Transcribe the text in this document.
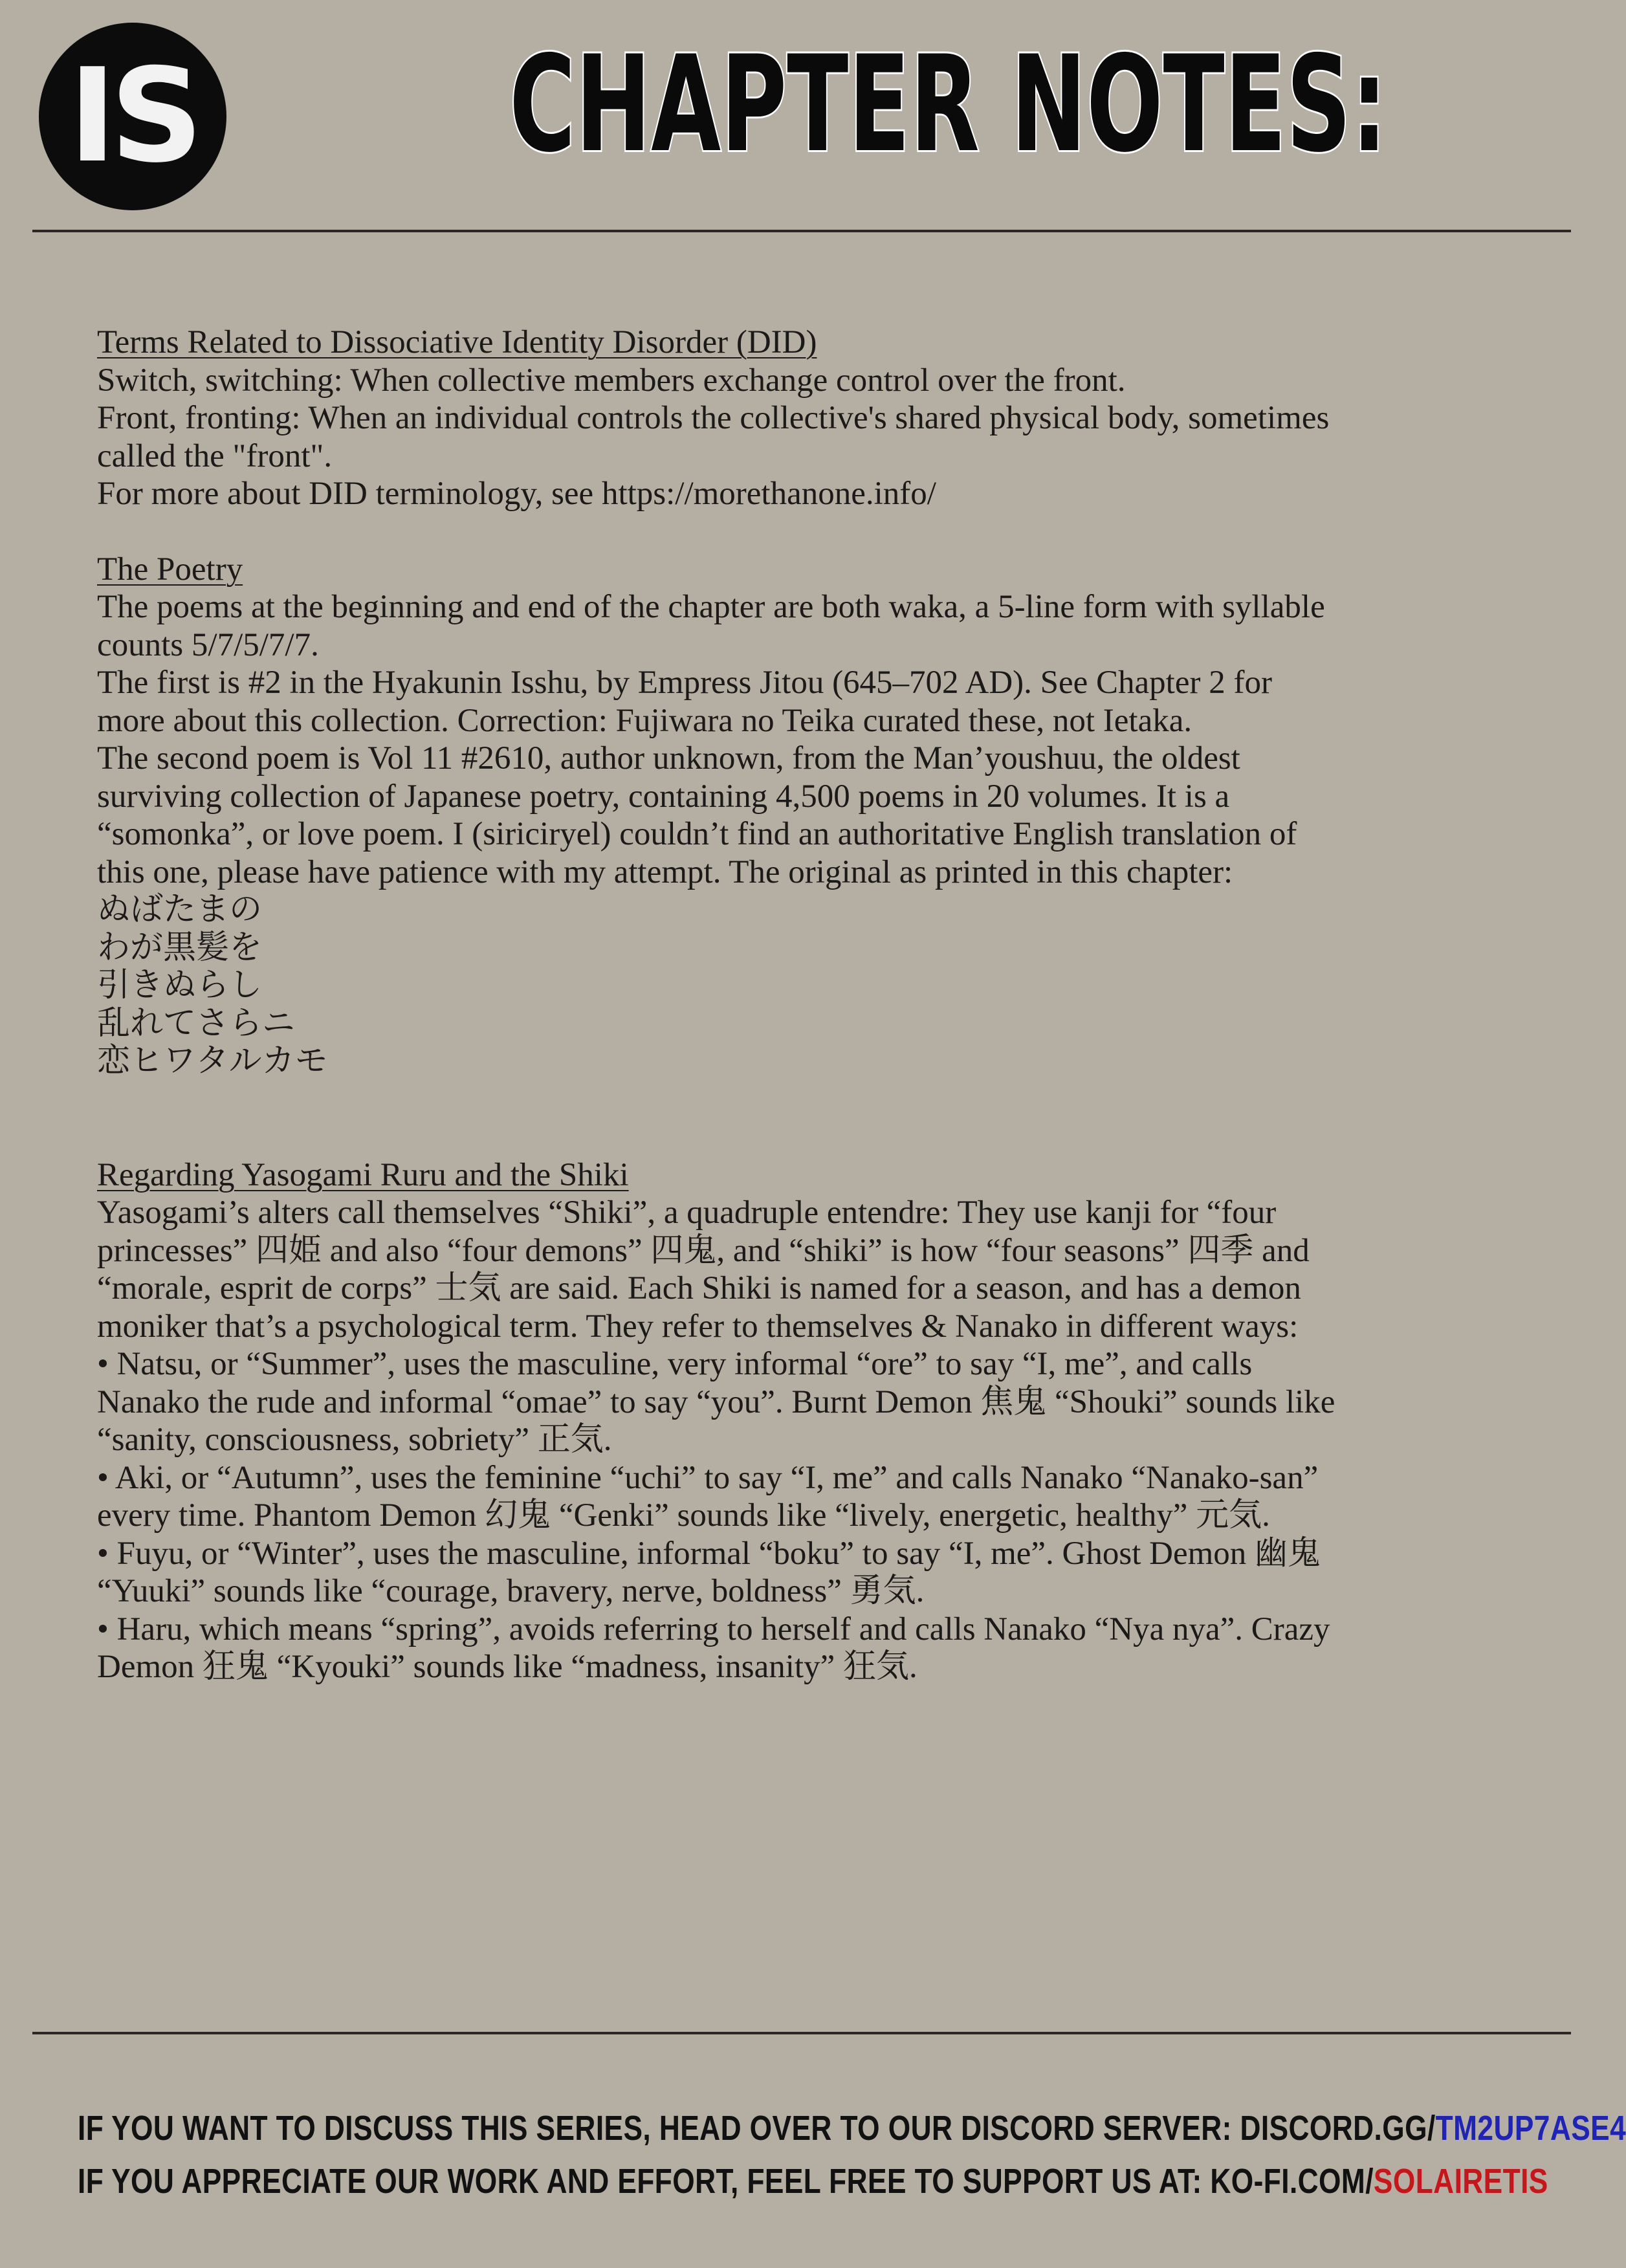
IS CHAPTER NOTES:
Terms Related to Dissociative Identity Disorder (DID)

Switch, switching: When collective members exchange control over the front.

Front, fronting: When an individual controls the collective's shared physical body, sometimes called the "front".

For more about DID terminology, see https://morethanone.info/

The Poetry

The poems at the beginning and end of the chapter are both waka, a 5-line form with syllable counts 5/7/5/7/7.

The first is #2 in the Hyakunin Isshu, by Empress Jitou (645–702 AD). See Chapter 2 for more about this collection. Correction: Fujiwara no Teika curated these, not Ietaka.

The second poem is Vol 11 #2610, author unknown, from the Man’youshuu, the oldest surviving collection of Japanese poetry, containing 4,500 poems in 20 volumes. It is a “somonka”, or love poem. I (siriciryel) couldn’t find an authoritative English translation of this one, please have patience with my attempt. The original as printed in this chapter:

ぬばたまの
わが黒髪を
引きぬらし
乱れてさらニ
恋ヒワタルカモ
Regarding Yasogami Ruru and the Shiki

Yasogami’s alters call themselves “Shiki”, a quadruple entendre: They use kanji for “four princesses” 四姫 and also “four demons” 四鬼, and “shiki” is how “four seasons” 四季 and “morale, esprit de corps” 士気 are said. Each Shiki is named for a season, and has a demon moniker that’s a psychological term. They refer to themselves & Nanako in different ways:

• Natsu, or “Summer”, uses the masculine, very informal “ore” to say “I, me”, and calls Nanako the rude and informal “omae” to say “you”. Burnt Demon 焦鬼 “Shouki” sounds like “sanity, consciousness, sobriety” 正気.

• Aki, or “Autumn”, uses the feminine “uchi” to say “I, me” and calls Nanako “Nanako-san” every time. Phantom Demon 幻鬼 “Genki” sounds like “lively, energetic, healthy” 元気.

• Fuyu, or “Winter”, uses the masculine, informal “boku” to say “I, me”. Ghost Demon 幽鬼 “Yuuki” sounds like “courage, bravery, nerve, boldness” 勇気.

• Haru, which means “spring”, avoids referring to herself and calls Nanako “Nya nya”. Crazy Demon 狂鬼 “Kyouki” sounds like “madness, insanity” 狂気.

IF YOU WANT TO DISCUSS THIS SERIES, HEAD OVER TO OUR DISCORD SERVER: DISCORD.GG/TM2UP7ASE4
IF YOU APPRECIATE OUR WORK AND EFFORT, FEEL FREE TO SUPPORT US AT: KO-FI.COM/SOLAIRETIS
